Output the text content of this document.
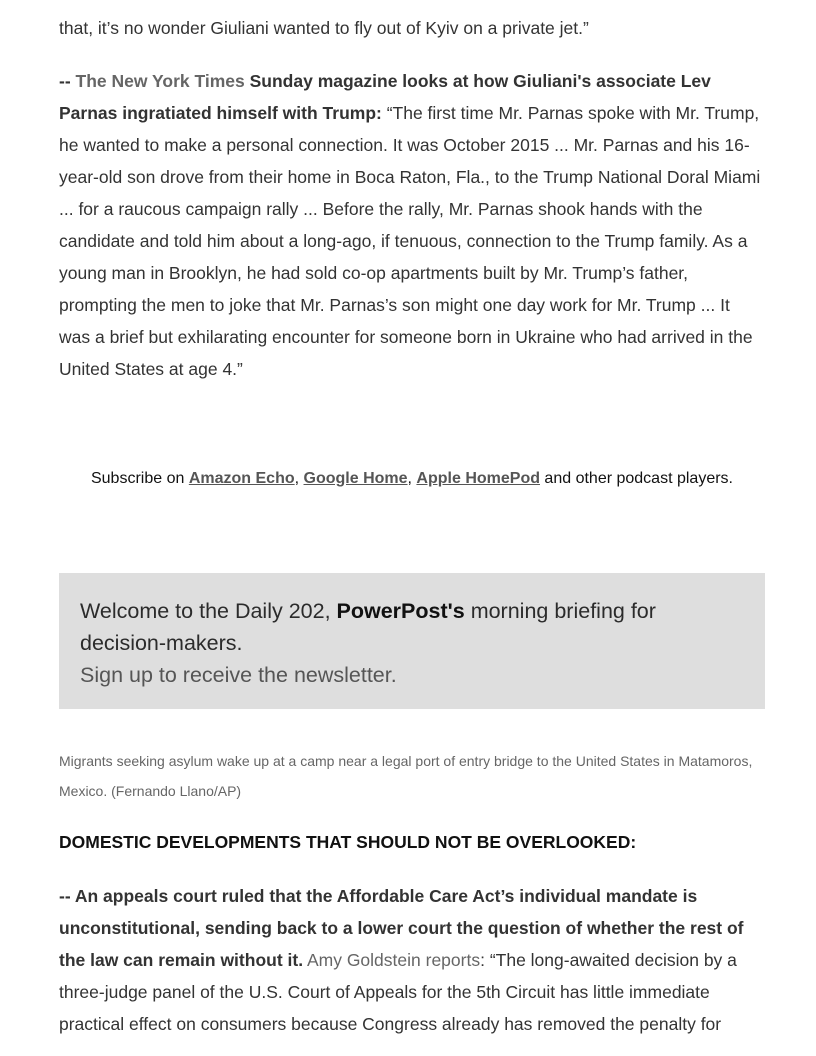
that, it’s no wonder Giuliani wanted to fly out of Kyiv on a private jet.”

-- The New York Times Sunday magazine looks at how Giuliani's associate Lev Parnas ingratiated himself with Trump: “The first time Mr. Parnas spoke with Mr. Trump, he wanted to make a personal connection. It was October 2015 ... Mr. Parnas and his 16-year-old son drove from their home in Boca Raton, Fla., to the Trump National Doral Miami ... for a raucous campaign rally ... Before the rally, Mr. Parnas shook hands with the candidate and told him about a long-ago, if tenuous, connection to the Trump family. As a young man in Brooklyn, he had sold co-op apartments built by Mr. Trump’s father, prompting the men to joke that Mr. Parnas’s son might one day work for Mr. Trump ... It was a brief but exhilarating encounter for someone born in Ukraine who had arrived in the United States at age 4.”

Subscribe on Amazon Echo, Google Home, Apple HomePod and other podcast players.
Welcome to the Daily 202, PowerPost's morning briefing for decision-makers.
Sign up to receive the newsletter.
Migrants seeking asylum wake up at a camp near a legal port of entry bridge to the United States in Matamoros, Mexico. (Fernando Llano/AP)
DOMESTIC DEVELOPMENTS THAT SHOULD NOT BE OVERLOOKED:

-- An appeals court ruled that the Affordable Care Act’s individual mandate is unconstitutional, sending back to a lower court the question of whether the rest of the law can remain without it. Amy Goldstein reports: “The long-awaited decision by a three-judge panel of the U.S. Court of Appeals for the 5th Circuit has little immediate practical effect on consumers because Congress already has removed the penalty for
